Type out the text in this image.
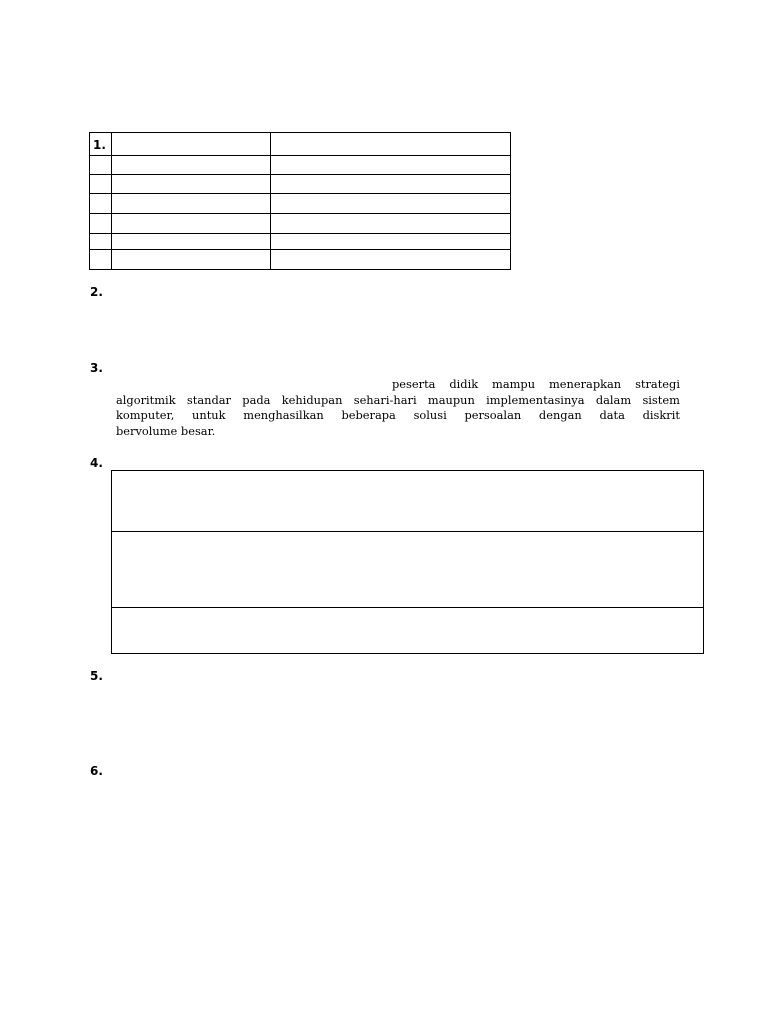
1.
2.
3.
peserta didik mampu menerapkan strategi
algoritmik standar pada kehidupan sehari-hari maupun implementasinya dalam sistem
komputer, untuk menghasilkan beberapa solusi persoalan dengan data diskrit
bervolume besar.
4.
5.
6.
